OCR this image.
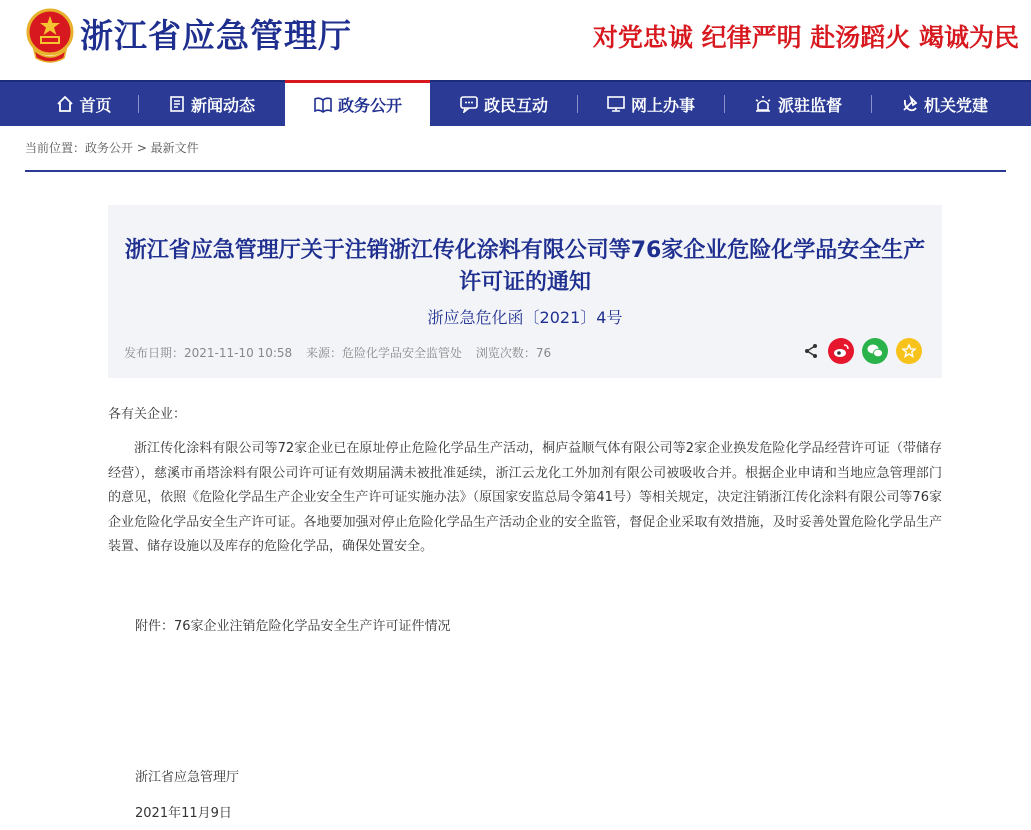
浙江省应急管理厅	对党忠诚 纪律严明 赴汤蹈火 竭诚为民
首页	新闻动态	政务公开	政民互动	网上办事	派驻监督	机关党建
当前位置：政务公开 > 最新文件
浙江省应急管理厅关于注销浙江传化涂料有限公司等76家企业危险化学品安全生产许可证的通知
浙应急危化函〔2021〕4号
发布日期：2021-11-10 10:58 来源：危险化学品安全监管处 浏览次数：76
各有关企业：
浙江传化涂料有限公司等72家企业已在原址停止危险化学品生产活动，桐庐益顺气体有限公司等2家企业换发危险化学品经营许可证（带储存经营），慈溪市甬塔涂料有限公司许可证有效期届满未被批准延续，浙江云龙化工外加剂有限公司被吸收合并。根据企业申请和当地应急管理部门的意见，依照《危险化学品生产企业安全生产许可证实施办法》（原国家安监总局令第41号）等相关规定，决定注销浙江传化涂料有限公司等76家企业危险化学品安全生产许可证。各地要加强对停止危险化学品生产活动企业的安全监管，督促企业采取有效措施，及时妥善处置危险化学品生产装置、储存设施以及库存的危险化学品，确保处置安全。
附件：76家企业注销危险化学品安全生产许可证件情况
浙江省应急管理厅
2021年11月9日
